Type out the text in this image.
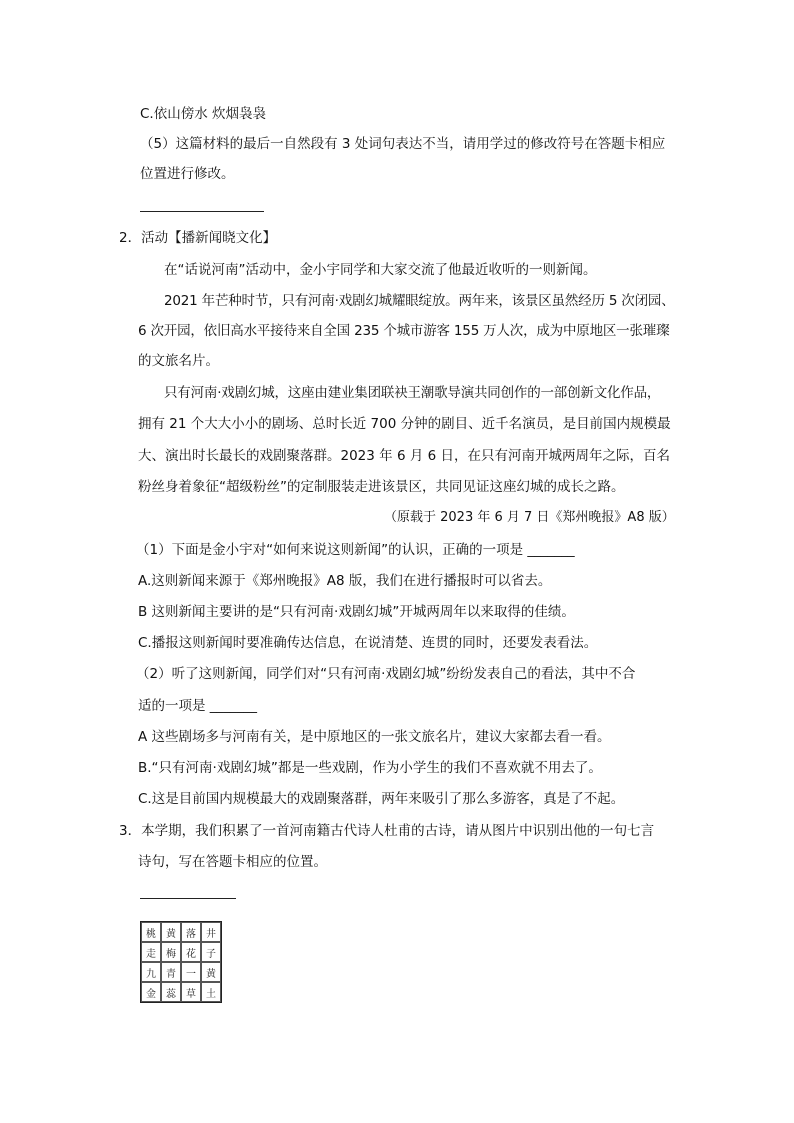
C.依山傍水 炊烟袅袅
（5）这篇材料的最后一自然段有 3 处词句表达不当，请用学过的修改符号在答题卡相应
位置进行修改。
2．活动【播新闻晓文化】
在“话说河南”活动中，金小宇同学和大家交流了他最近收听的一则新闻。
2021 年芒种时节，只有河南·戏剧幻城耀眼绽放。两年来，该景区虽然经历 5 次闭园、
6 次开园，依旧高水平接待来自全国 235 个城市游客 155 万人次，成为中原地区一张璀璨
的文旅名片。
只有河南·戏剧幻城，这座由建业集团联袂王潮歌导演共同创作的一部创新文化作品，
拥有 21 个大大小小的剧场、总时长近 700 分钟的剧目、近千名演员，是目前国内规模最
大、演出时长最长的戏剧聚落群。2023 年 6 月 6 日，在只有河南开城两周年之际，百名
粉丝身着象征“超级粉丝”的定制服装走进该景区，共同见证这座幻城的成长之路。
（原载于 2023 年 6 月 7 日《郑州晚报》A8 版）
（1）下面是金小宇对“如何来说这则新闻”的认识，正确的一项是 _______
A.这则新闻来源于《郑州晚报》A8 版，我们在进行播报时可以省去。
B 这则新闻主要讲的是“只有河南·戏剧幻城”开城两周年以来取得的佳绩。
C.播报这则新闻时要准确传达信息，在说清楚、连贯的同时，还要发表看法。
（2）听了这则新闻，同学们对“只有河南·戏剧幻城”纷纷发表自己的看法，其中不合
适的一项是 _______
A 这些剧场多与河南有关，是中原地区的一张文旅名片，建议大家都去看一看。
B.“只有河南·戏剧幻城”都是一些戏剧，作为小学生的我们不喜欢就不用去了。
C.这是目前国内规模最大的戏剧聚落群，两年来吸引了那么多游客，真是了不起。
3．本学期，我们积累了一首河南籍古代诗人杜甫的古诗，请从图片中识别出他的一句七言
诗句，写在答题卡相应的位置。
桃	黄	落	井
走	梅	花	子
九	青	一	黄
金	蕊	草	土
